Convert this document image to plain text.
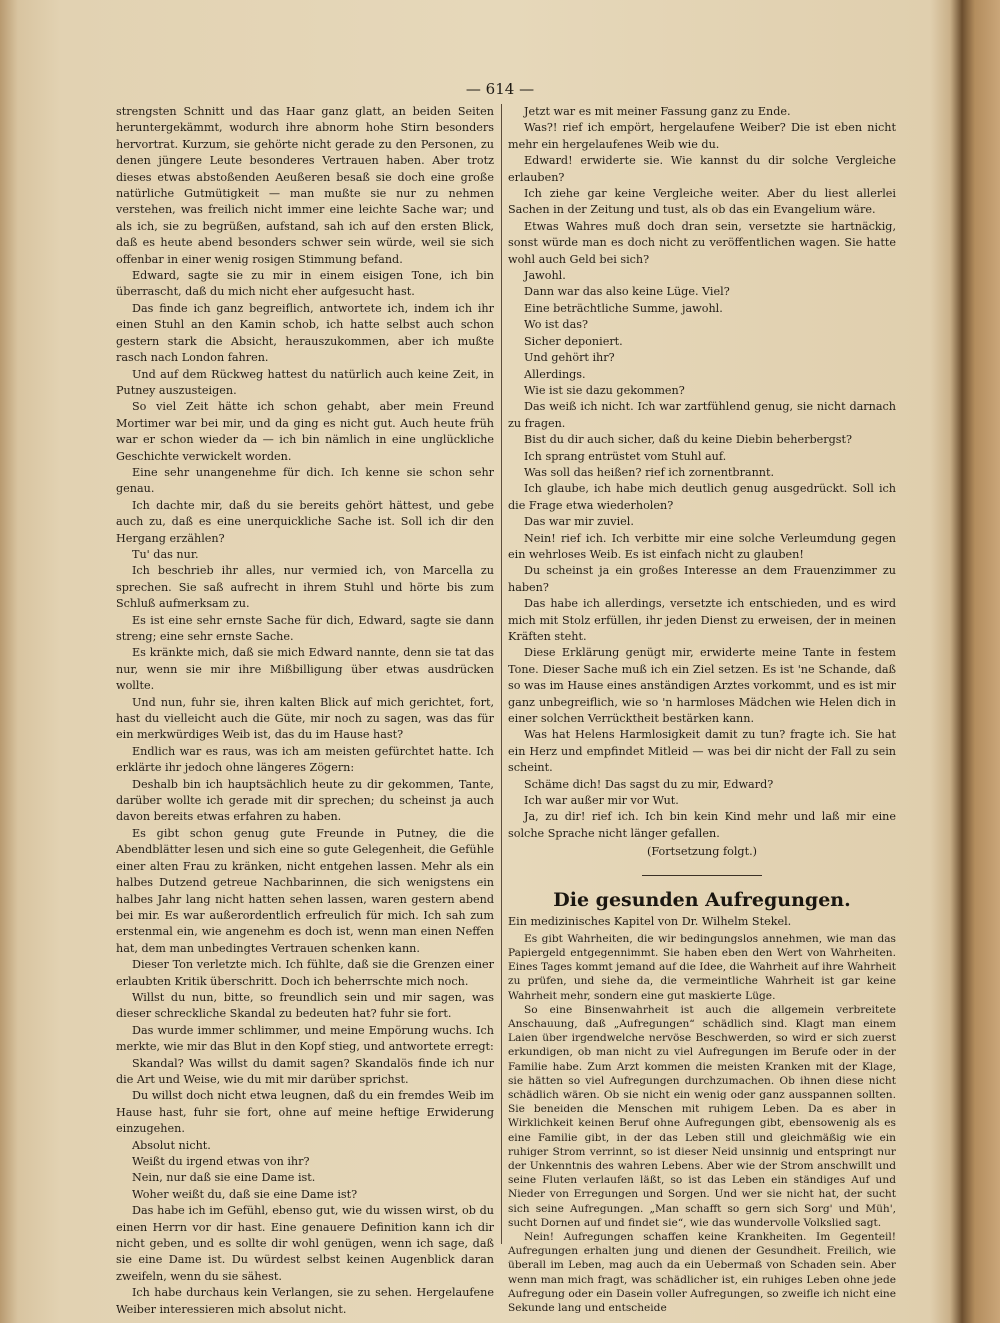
— 614 —

strengsten Schnitt und das Haar ganz glatt, an beiden Seiten heruntergekämmt, wodurch ihre abnorm hohe Stirn besonders hervortrat. Kurzum, sie gehörte nicht gerade zu den Personen, zu denen jüngere Leute besonderes Vertrauen haben. Aber trotz dieses etwas abstoßenden Aeußeren besaß sie doch eine große natürliche Gutmütigkeit — man mußte sie nur zu nehmen verstehen, was freilich nicht immer eine leichte Sache war; und als ich, sie zu begrüßen, aufstand, sah ich auf den ersten Blick, daß es heute abend besonders schwer sein würde, weil sie sich offenbar in einer wenig rosigen Stimmung befand.

Edward, sagte sie zu mir in einem eisigen Tone, ich bin überrascht, daß du mich nicht eher aufgesucht hast.

Das finde ich ganz begreiflich, antwortete ich, indem ich ihr einen Stuhl an den Kamin schob, ich hatte selbst auch schon gestern stark die Absicht, herauszukommen, aber ich mußte rasch nach London fahren.

Und auf dem Rückweg hattest du natürlich auch keine Zeit, in Putney auszusteigen.

So viel Zeit hätte ich schon gehabt, aber mein Freund Mortimer war bei mir, und da ging es nicht gut. Auch heute früh war er schon wieder da — ich bin nämlich in eine unglückliche Geschichte verwickelt worden.

Eine sehr unangenehme für dich. Ich kenne sie schon sehr genau.

Ich dachte mir, daß du sie bereits gehört hättest, und gebe auch zu, daß es eine unerquickliche Sache ist. Soll ich dir den Hergang erzählen?

Tu' das nur.

Ich beschrieb ihr alles, nur vermied ich, von Marcella zu sprechen. Sie saß aufrecht in ihrem Stuhl und hörte bis zum Schluß aufmerksam zu.

Es ist eine sehr ernste Sache für dich, Edward, sagte sie dann streng; eine sehr ernste Sache.

Es kränkte mich, daß sie mich Edward nannte, denn sie tat das nur, wenn sie mir ihre Mißbilligung über etwas ausdrücken wollte.

Und nun, fuhr sie, ihren kalten Blick auf mich gerichtet, fort, hast du vielleicht auch die Güte, mir noch zu sagen, was das für ein merkwürdiges Weib ist, das du im Hause hast?

Endlich war es raus, was ich am meisten gefürchtet hatte. Ich erklärte ihr jedoch ohne längeres Zögern:

Deshalb bin ich hauptsächlich heute zu dir gekommen, Tante, darüber wollte ich gerade mit dir sprechen; du scheinst ja auch davon bereits etwas erfahren zu haben.

Es gibt schon genug gute Freunde in Putney, die die Abendblätter lesen und sich eine so gute Gelegenheit, die Gefühle einer alten Frau zu kränken, nicht entgehen lassen. Mehr als ein halbes Dutzend getreue Nachbarinnen, die sich wenigstens ein halbes Jahr lang nicht hatten sehen lassen, waren gestern abend bei mir. Es war außerordentlich erfreulich für mich. Ich sah zum erstenmal ein, wie angenehm es doch ist, wenn man einen Neffen hat, dem man unbedingtes Vertrauen schenken kann.

Dieser Ton verletzte mich. Ich fühlte, daß sie die Grenzen einer erlaubten Kritik überschritt. Doch ich beherrschte mich noch.

Willst du nun, bitte, so freundlich sein und mir sagen, was dieser schreckliche Skandal zu bedeuten hat? fuhr sie fort.

Das wurde immer schlimmer, und meine Empörung wuchs. Ich merkte, wie mir das Blut in den Kopf stieg, und antwortete erregt:

Skandal? Was willst du damit sagen? Skandalös finde ich nur die Art und Weise, wie du mit mir darüber sprichst.

Du willst doch nicht etwa leugnen, daß du ein fremdes Weib im Hause hast, fuhr sie fort, ohne auf meine heftige Erwiderung einzugehen.

Absolut nicht.

Weißt du irgend etwas von ihr?

Nein, nur daß sie eine Dame ist.

Woher weißt du, daß sie eine Dame ist?

Das habe ich im Gefühl, ebenso gut, wie du wissen wirst, ob du einen Herrn vor dir hast. Eine genauere Definition kann ich dir nicht geben, und es sollte dir wohl genügen, wenn ich sage, daß sie eine Dame ist. Du würdest selbst keinen Augenblick daran zweifeln, wenn du sie sähest.

Ich habe durchaus kein Verlangen, sie zu sehen. Hergelaufene Weiber interessieren mich absolut nicht.

Jetzt war es mit meiner Fassung ganz zu Ende.

Was?! rief ich empört, hergelaufene Weiber? Die ist eben nicht mehr ein hergelaufenes Weib wie du.

Edward! erwiderte sie. Wie kannst du dir solche Vergleiche erlauben?

Ich ziehe gar keine Vergleiche weiter. Aber du liest allerlei Sachen in der Zeitung und tust, als ob das ein Evangelium wäre.

Etwas Wahres muß doch dran sein, versetzte sie hartnäckig, sonst würde man es doch nicht zu veröffentlichen wagen. Sie hatte wohl auch Geld bei sich?

Jawohl.

Dann war das also keine Lüge. Viel?

Eine beträchtliche Summe, jawohl.

Wo ist das?

Sicher deponiert.

Und gehört ihr?

Allerdings.

Wie ist sie dazu gekommen?

Das weiß ich nicht. Ich war zartfühlend genug, sie nicht darnach zu fragen.

Bist du dir auch sicher, daß du keine Diebin beherbergst?

Ich sprang entrüstet vom Stuhl auf.

Was soll das heißen? rief ich zornentbrannt.

Ich glaube, ich habe mich deutlich genug ausgedrückt. Soll ich die Frage etwa wiederholen?

Das war mir zuviel.

Nein! rief ich. Ich verbitte mir eine solche Verleumdung gegen ein wehrloses Weib. Es ist einfach nicht zu glauben!

Du scheinst ja ein großes Interesse an dem Frauenzimmer zu haben?

Das habe ich allerdings, versetzte ich entschieden, und es wird mich mit Stolz erfüllen, ihr jeden Dienst zu erweisen, der in meinen Kräften steht.

Diese Erklärung genügt mir, erwiderte meine Tante in festem Tone. Dieser Sache muß ich ein Ziel setzen. Es ist 'ne Schande, daß so was im Hause eines anständigen Arztes vorkommt, und es ist mir ganz unbegreiflich, wie so 'n harmloses Mädchen wie Helen dich in einer solchen Verrücktheit bestärken kann.

Was hat Helens Harmlosigkeit damit zu tun? fragte ich. Sie hat ein Herz und empfindet Mitleid — was bei dir nicht der Fall zu sein scheint.

Schäme dich! Das sagst du zu mir, Edward?

Ich war außer mir vor Wut.

Ja, zu dir! rief ich. Ich bin kein Kind mehr und laß mir eine solche Sprache nicht länger gefallen.

(Fortsetzung folgt.)

Die gesunden Aufregungen.
Ein medizinisches Kapitel von Dr. Wilhelm Stekel.

Es gibt Wahrheiten, die wir bedingungslos annehmen, wie man das Papiergeld entgegennimmt. Sie haben eben den Wert von Wahrheiten. Eines Tages kommt jemand auf die Idee, die Wahrheit auf ihre Wahrheit zu prüfen, und siehe da, die vermeintliche Wahrheit ist gar keine Wahrheit mehr, sondern eine gut maskierte Lüge.

So eine Binsenwahrheit ist auch die allgemein verbreitete Anschauung, daß „Aufregungen“ schädlich sind. Klagt man einem Laien über irgendwelche nervöse Beschwerden, so wird er sich zuerst erkundigen, ob man nicht zu viel Aufregungen im Berufe oder in der Familie habe. Zum Arzt kommen die meisten Kranken mit der Klage, sie hätten so viel Aufregungen durchzumachen. Ob ihnen diese nicht schädlich wären. Ob sie nicht ein wenig oder ganz ausspannen sollten. Sie beneiden die Menschen mit ruhigem Leben. Da es aber in Wirklichkeit keinen Beruf ohne Aufregungen gibt, ebensowenig als es eine Familie gibt, in der das Leben still und gleichmäßig wie ein ruhiger Strom verrinnt, so ist dieser Neid unsinnig und entspringt nur der Unkenntnis des wahren Lebens. Aber wie der Strom anschwillt und seine Fluten verlaufen läßt, so ist das Leben ein ständiges Auf und Nieder von Erregungen und Sorgen. Und wer sie nicht hat, der sucht sich seine Aufregungen. „Man schafft so gern sich Sorg' und Müh', sucht Dornen auf und findet sie“, wie das wundervolle Volkslied sagt.

Nein! Aufregungen schaffen keine Krankheiten. Im Gegenteil! Aufregungen erhalten jung und dienen der Gesundheit. Freilich, wie überall im Leben, mag auch da ein Uebermaß von Schaden sein. Aber wenn man mich fragt, was schädlicher ist, ein ruhiges Leben ohne jede Aufregung oder ein Dasein voller Aufregungen, so zweifle ich nicht eine Sekunde lang und entscheide
